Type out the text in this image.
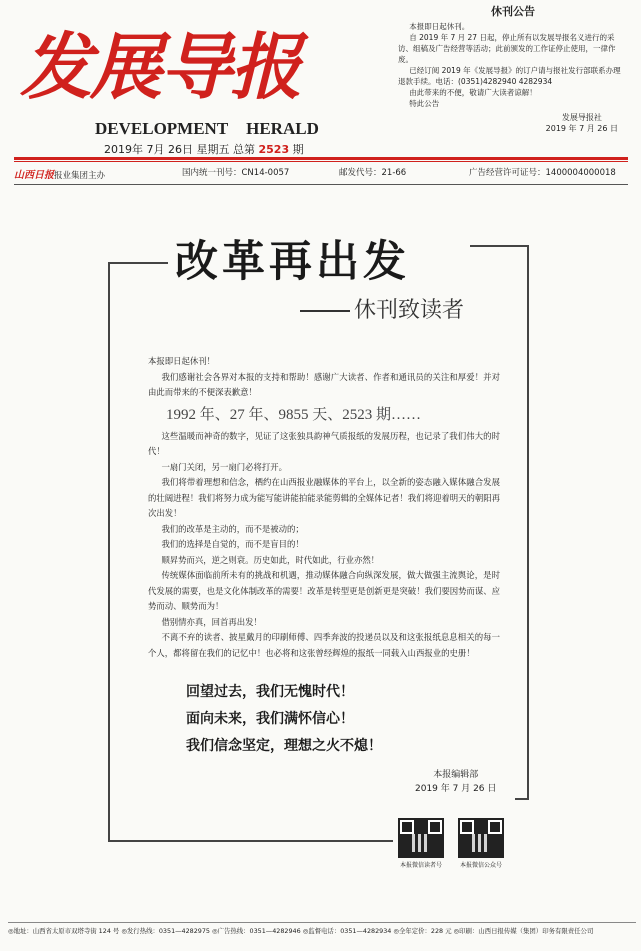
发展导报
DEVELOPMENT HERALD
2019年 7月 26日 星期五 总第 2523 期
休刊公告
本报即日起休刊。
自 2019 年 7 月 27 日起，停止所有以发展导报名义进行的采访、组稿及广告经营等活动；此前颁发的工作证停止使用，一律作废。
已经订阅 2019 年《发展导报》的订户请与报社发行部联系办理退款手续。电话：(0351)4282940 4282934
由此带来的不便，敬请广大读者谅解！
特此公告
发展导报社
2019 年 7 月 26 日
山西日报报业集团主办	国内统一刊号：CN14-0057	邮发代号：21-66	广告经营许可证号：1400004000018
改革再出发
休刊致读者

本报即日起休刊！

我们感谢社会各界对本报的支持和帮助！感谢广大读者、作者和通讯员的关注和厚爱！并对由此而带来的不便深表歉意！

1992 年、27 年、9855 天、2523 期……

这些温暖而神奇的数字，见证了这张独具韵神气质报纸的发展历程，也记录了我们伟大的时代！

一扇门关闭，另一扇门必将打开。

我们将带着理想和信念，栖约在山西报业融媒体的平台上，以全新的姿态融入媒体融合发展的壮阔进程！我们将努力成为能写能讲能拍能录能剪辑的全媒体记者！我们将迎着明天的朝阳再次出发！

我们的改革是主动的，而不是被动的；

我们的选择是自觉的，而不是盲目的！

顺昇势而兴，逆之则衰。历史如此，时代如此，行业亦然！

传统媒体面临前所未有的挑战和机遇，推动媒体融合向纵深发展，做大做强主流舆论，是时代发展的需要，也是文化体制改革的需要！改革是转型更是创新更是突破！我们要因势而谋、应势而动、顺势而为！

借别情亦真，回首再出发！

不离不弃的读者、披星戴月的印刷师傅、四季奔波的投递员以及和这张报纸息息相关的每一个人，都将留在我们的记忆中！也必将和这张曾经辉煌的报纸一同载入山西报业的史册！

回望过去，我们无愧时代！
面向未来，我们满怀信心！
我们信念坚定，理想之火不熄！
本报编辑部
2019 年 7 月 26 日
本报微信读者号	本报微信公众号
◎地址：山西省太原市双塔寺街 124 号 ◎发行热线：0351—4282975 ◎广告热线：0351—4282946 ◎监督电话：0351—4282934 ◎全年定价：228 元 ◎印刷：山西日报传媒（集团）印务有限责任公司
